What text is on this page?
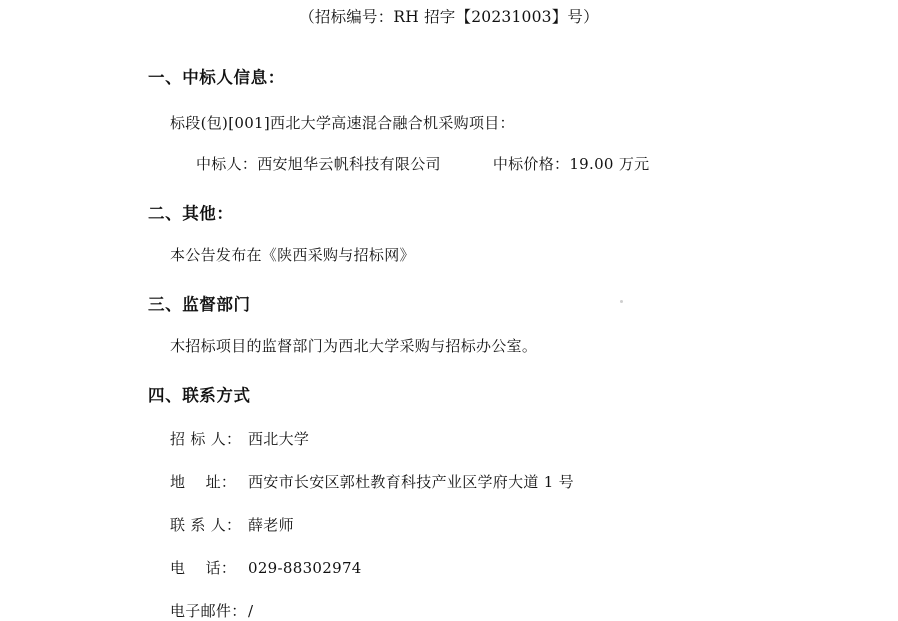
（招标编号：RH 招字【20231003】号）
一、中标人信息：
标段(包)[001]西北大学高速混合融合机采购项目：
中标人：西安旭华云帆科技有限公司	中标价格：19.00 万元
二、其他：
本公告发布在《陕西采购与招标网》
三、监督部门
木招标项目的监督部门为西北大学采购与招标办公室。
四、联系方式
招 标 人： 西北大学
地    址： 西安市长安区郭杜教育科技产业区学府大道 1 号
联 系 人： 薛老师
电    话： 029-88302974
电子邮件： /
